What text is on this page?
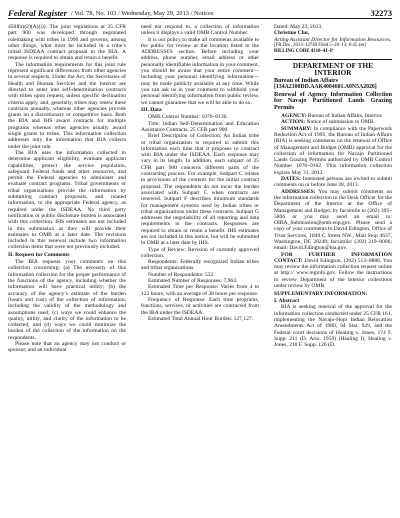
Federal Register / Vol. 78, No. 103 / Wednesday, May 29, 2013 / Notices	32273

450f(a)(2)(A)(i)). The joint regulations at 25 CFR part 900 was developed through negotiated rulemaking with tribes in 1996 and governs, among other things, what must be included in a tribe’s initial ISDEAA contract proposal to the BIA. A response is required to obtain and retain a benefit.

The information requirements for this joint rule represent significant differences from other agencies in several respects. Under the Act, the Secretaries of Health and Human Services and the Interior are directed to enter into self-determination contracts with tribes upon request, unless specific declination criteria apply, and, generally, tribes may renew these contracts annually, whereas other agencies provide grants on a discretionary or competitive basis. Both the BIA and IHS award contracts for multiple programs whereas other agencies usually award single grants to tribes. This information collection addresses only the information that BIA collects under the joint rule.

The BIA uses the information collected to determine applicant eligibility, evaluate applicant capabilities, protect the service population, safeguard Federal funds and other resources, and permit the Federal agencies to administer and evaluate contract programs. Tribal governments or tribal organizations provide the information by submitting contract proposals, and related information, to the appropriate Federal agency, as required under the ISDEAA. No third party notification or public disclosure burden is associated with this collection. IHS estimates are not included in this submission as they will provide their estimates to OMB at a later date. The revisions included in this renewal include two information collection items that were not previously included.

II. Request for Comments

The BIA requests your comments on this collection concerning: (a) The necessity of this information collection for the proper performance of the functions of the agency, including whether the information will have practical utility; (b) the accuracy of the agency’s estimate of the burden (hours and cost) of the collection of information, including the validity of the methodology and assumptions used; (c) ways we could enhance the quality, utility, and clarity of the information to be collected; and (d) ways we could minimize the burden of the collection of the information on the respondents.

Please note that an agency may not conduct or sponsor, and an individual

need not respond to, a collection of information unless it displays a valid OMB Control Number.

It is our policy to make all comments available to the public for review at the location listed in the ADDRESSES section. Before including your address, phone number, email address or other personally identifiable information in your comment, you should be aware that your entire comment—including your personal identifying information—may be made publicly available at any time. While you can ask us in your comment to withhold your personal identifying information from public review, we cannot guarantee that we will be able to do so.

III. Data

OMB Control Number: 1076–0136.

Title: Indian Self-Determination and Education Assistance Contracts, 25 CFR part 900.

Brief Description of Collection: An Indian tribe or tribal organization is required to submit this information each time that it proposes to contract with BIA under the ISDEAA. Each response may vary in its length. In addition, each subpart of 25 CFR part 900 concerns different parts of the contracting process. For example, Subpart C relates to provisions of the contents for the initial contract proposal. The respondents do not incur the burden associated with Subpart C when contracts are renewed. Subpart F describes minimum standards for management systems used by Indian tribes or tribal organizations under these contracts. Subpart G addresses the negotiability of all reporting and data requirements in the contracts. Responses are required to obtain or retain a benefit. IHS estimates are not included in this notice, but will be submitted to OMB at a later date by IHS.

Type of Review: Revision of currently approved collection.

Respondents: Federally recognized Indian tribes and tribal organizations.

Number of Respondents: 532.

Estimated Number of Responses: 7,963.

Estimated Time per Response: Varies from 4 to 122 hours, with an average of 38 hours per response.

Frequency of Response: Each time programs, functions, services, or activities are contracted from the IBA under the ISDEAA.

Estimated Total Annual Hour Burden: 127,127.

Dated: May 23, 2013.

Christine Chu,

Acting Assistant Director for Information Resources.

[FR Doc. 2013–12740 Filed 5–28–13; 8:45 am]

BILLING CODE 4310–4J–P

DEPARTMENT OF THE INTERIOR

Bureau of Indian Affairs

[134A2100DD.AAK4004601.A0N5A2026]

Renewal of Agency Information Collection for Navajo Partitioned Lands Grazing Permits

AGENCY: Bureau of Indian Affairs, Interior.

ACTION: Notice of submission to OMB.

SUMMARY: In compliance with the Paperwork Reduction Act of 1995, the Bureau of Indian Affairs (BIA) is seeking comments on the renewal of Office of Management and Budget (OMB) approval for the collection of information for Navajo Partitioned Lands Grazing Permits authorized by OMB Control Number 1076–0162. This information collection expires May 31, 2013.

DATES: Interested persons are invited to submit comments on or before June 28, 2013.

ADDRESSES: You may submit comments on the information collection to the Desk Officer for the Department of the Interior at the Office of Management and Budget, by facsimile to (202) 395–5806 or you may send an email to: OIRA_Submission@omb.eop.gov. Please send a copy of your comments to David Edington, Office of Trust Services, 1849 C Street NW., Mail Stop 4637, Washington, DC 20240; facsimile: (202) 219–0006; email: David.Edington@bia.gov.

FOR FURTHER INFORMATION CONTACT: David Edington, (202) 513–0886. You may review the information collection request online at http:// www.reginfo.gov. Follow the instructions to review Department of the Interior collections under review by OMB.

SUPPLEMENTARY INFORMATION:

I. Abstract

BIA is seeking renewal of the approval for the information collection conducted under 25 CFR 161, implementing the Navajo-Hopi Indian Relocation Amendments Act of 1980, 94 Stat. 929, and the Federal court decisions of Healing v. Jones, 174 F. Supp. 211 (D. Ariz. 1959) (Healing I), Healing v. Jones, 210 F. Supp. 126 (D.
